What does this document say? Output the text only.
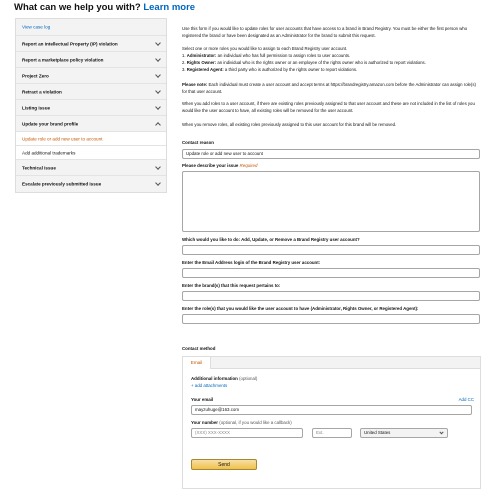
What can we help you with? Learn more
View case log
Report an intellectual Property (IP) violation
Report a marketplace policy violation
Project Zero
Retract a violation
Listing issue
Update your brand profile
Update role or add new user to account
Add additional trademarks
Technical issue
Escalate previously submitted issue
Use this form if you would like to update roles for user accounts that have access to a brand in Brand Registry. You must be either the first person who registered the brand or have been designated as an Administrator for the brand to submit this request.
Select one or more roles you would like to assign to each Brand Registry user account.
1. Administrator: an individual who has full permission to assign roles to user accounts.
2. Rights Owner: an individual who is the rights owner or an employee of the rights owner who is authorized to report violations.
3. Registered Agent: a third party who is authorized by the rights owner to report violations.
Please note: Each individual must create a user account and accept terms at https://brandregistry.amazon.com before the Administrator can assign role(s) for that user account.
When you add roles to a user account, if there are existing roles previously assigned to that user account and these are not included in the list of roles you would like the user account to have, all existing roles will be removed for the user account.
When you remove roles, all existing roles previously assigned to this user account for this brand will be removed.
Contact reason
Update role or add new user to account
Please describe your issue Required
Which would you like to do: Add, Update, or Remove a Brand Registry user account?
Enter the Email Address login of the Brand Registry user account:
Enter the brand(s) that this request pertains to:
Enter the role(s) that you would like the user account to have (Administrator, Rights Owner, or Registered Agent):
Contact method
Email
Additional information (optional)
+ add attachments
Your email	Add CC
mayzuhuge@163.com
Your number (optional, if you would like a callback)
(XXX) XXX-XXXX	Ext.	United States
Send
